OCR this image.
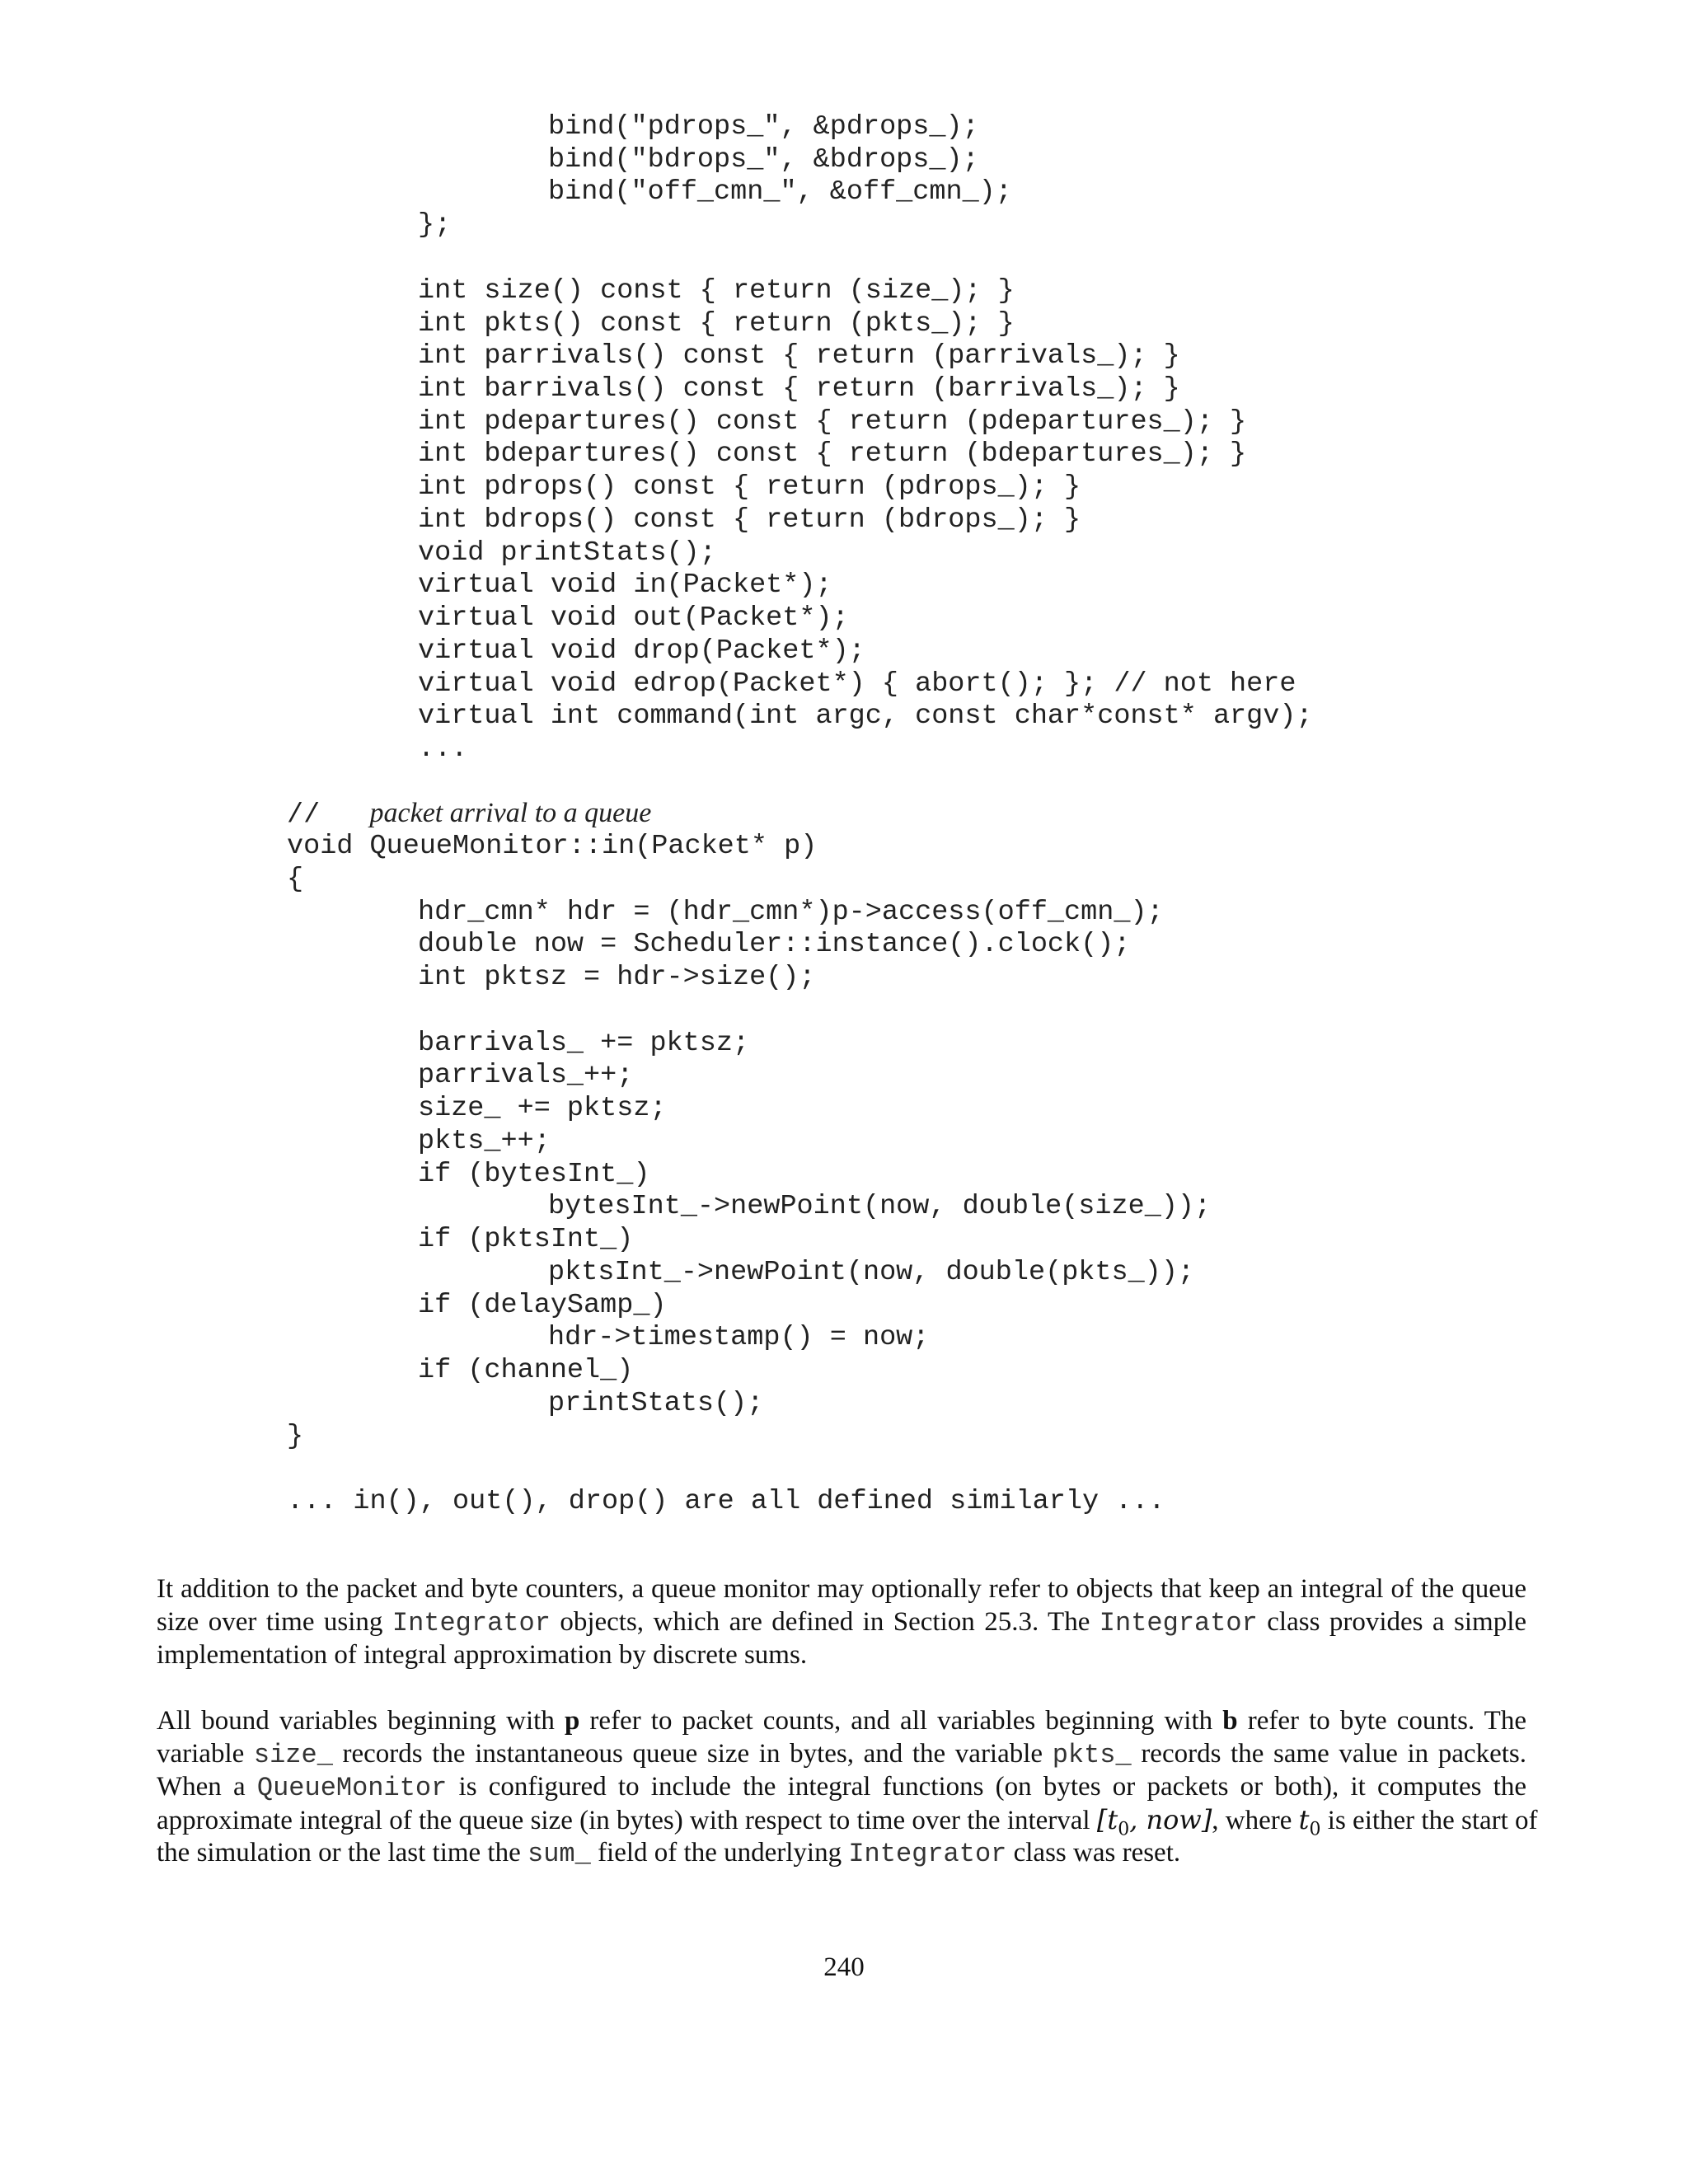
bind("pdrops_", &pdrops_);
bind("bdrops_", &bdrops_);
bind("off_cmn_", &off_cmn_);
};
int size() const { return (size_); }
int pkts() const { return (pkts_); }
int parrivals() const { return (parrivals_); }
int barrivals() const { return (barrivals_); }
int pdepartures() const { return (pdepartures_); }
int bdepartures() const { return (bdepartures_); }
int pdrops() const { return (pdrops_); }
int bdrops() const { return (bdrops_); }
void printStats();
virtual void in(Packet*);
virtual void out(Packet*);
virtual void drop(Packet*);
virtual void edrop(Packet*) { abort(); }; // not here
virtual int command(int argc, const char*const* argv);
...
// packet arrival to a queue
void QueueMonitor::in(Packet* p)
{
hdr_cmn* hdr = (hdr_cmn*)p->access(off_cmn_);
double now = Scheduler::instance().clock();
int pktsz = hdr->size();
barrivals_ += pktsz;
parrivals_++;
size_ += pktsz;
pkts_++;
if (bytesInt_)
bytesInt_->newPoint(now, double(size_));
if (pktsInt_)
pktsInt_->newPoint(now, double(pkts_));
if (delaySamp_)
hdr->timestamp() = now;
if (channel_)
printStats();
}
... in(), out(), drop() are all defined similarly ...
It addition to the packet and byte counters, a queue monitor may optionally refer to objects that keep an integral of the queue
size over time using Integrator objects, which are defined in Section 25.3. The Integrator class provides a simple
implementation of integral approximation by discrete sums.
All bound variables beginning with p refer to packet counts, and all variables beginning with b refer to byte counts. The
variable size_ records the instantaneous queue size in bytes, and the variable pkts_ records the same value in packets.
When a QueueMonitor is configured to include the integral functions (on bytes or packets or both), it computes the
approximate integral of the queue size (in bytes) with respect to time over the interval [$t_0$, now], where $t_0$ is either the start of
the simulation or the last time the sum_ field of the underlying Integrator class was reset.
240
